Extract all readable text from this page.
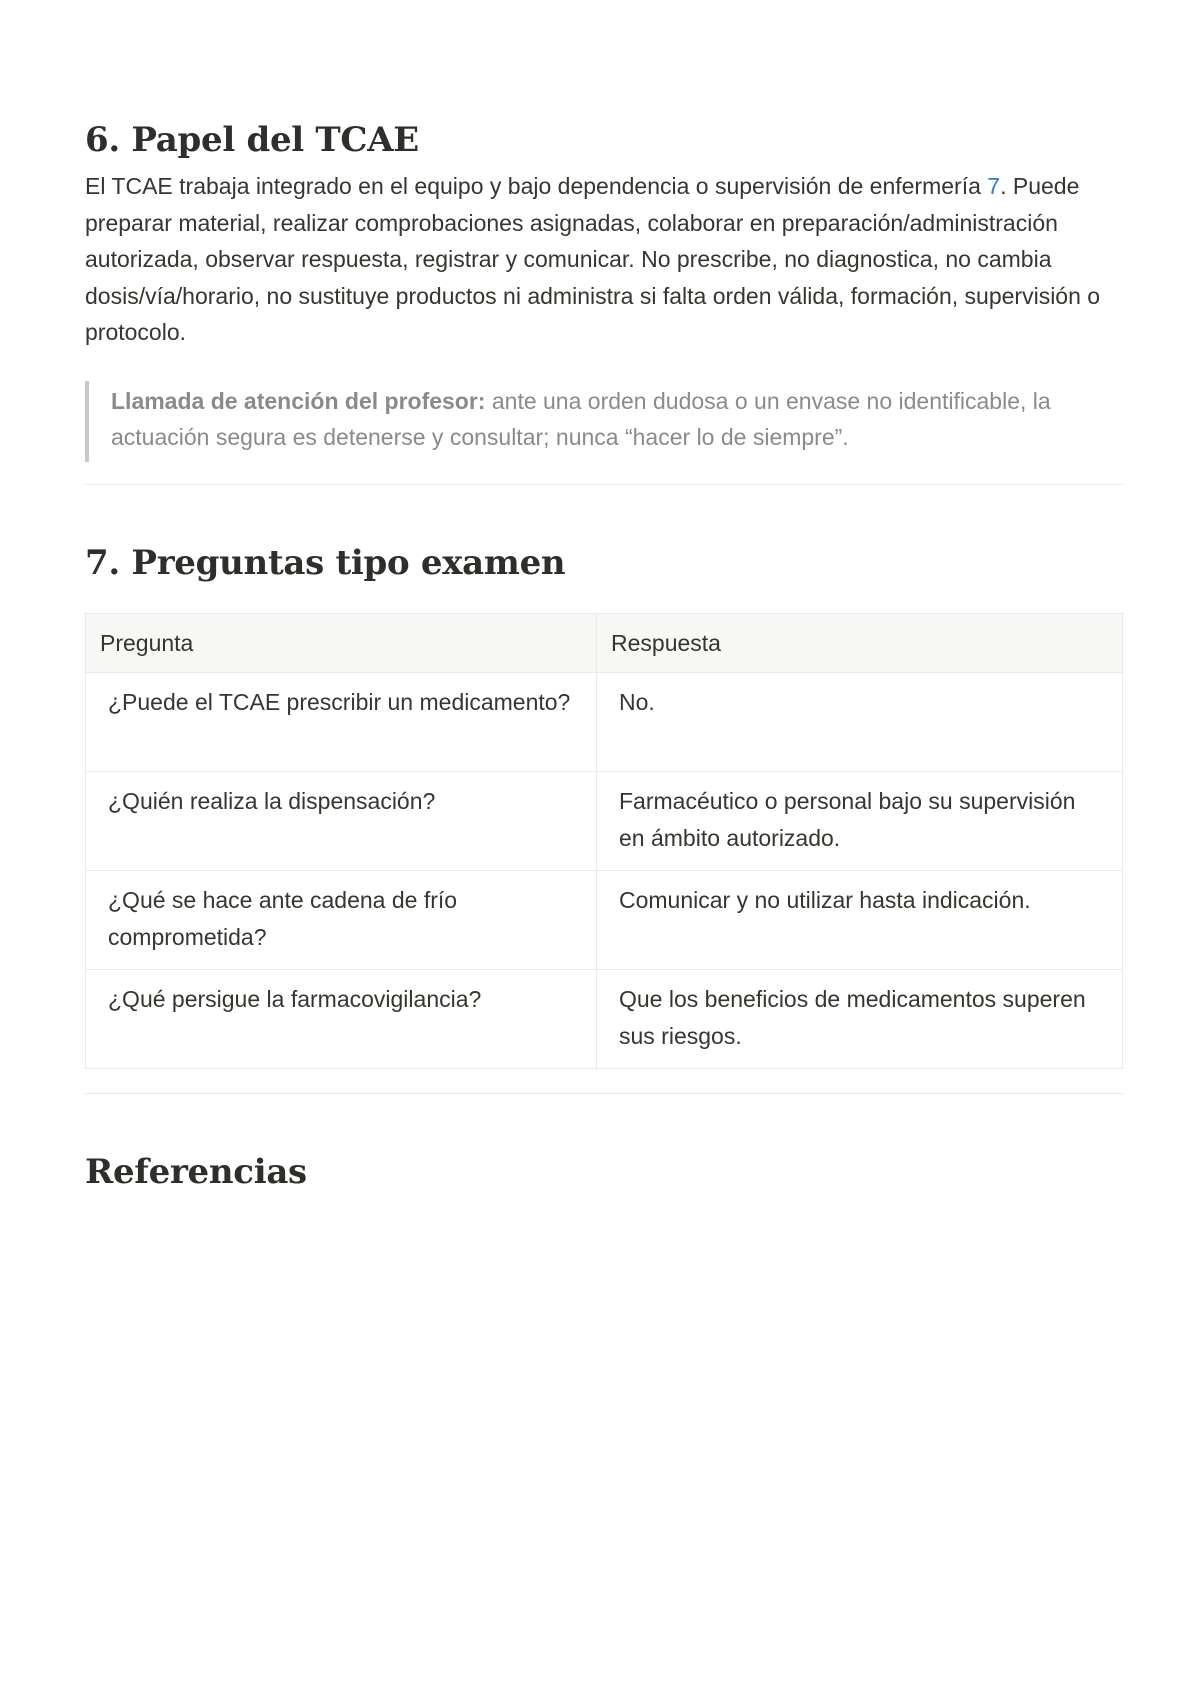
6. Papel del TCAE

El TCAE trabaja integrado en el equipo y bajo dependencia o supervisión de enfermería 7. Puede preparar material, realizar comprobaciones asignadas, colaborar en preparación/administración autorizada, observar respuesta, registrar y comunicar. No prescribe, no diagnostica, no cambia dosis/vía/horario, no sustituye productos ni administra si falta orden válida, formación, supervisión o protocolo.

Llamada de atención del profesor: ante una orden dudosa o un envase no identificable, la actuación segura es detenerse y consultar; nunca “hacer lo de siempre”.
7. Preguntas tipo examen
Pregunta	Respuesta
¿Puede el TCAE prescribir un medicamento?	No.
¿Quién realiza la dispensación?	Farmacéutico o personal bajo su supervisión en ámbito autorizado.
¿Qué se hace ante cadena de frío comprometida?	Comunicar y no utilizar hasta indicación.
¿Qué persigue la farmacovigilancia?	Que los beneficios de medicamentos superen sus riesgos.
Referencias
